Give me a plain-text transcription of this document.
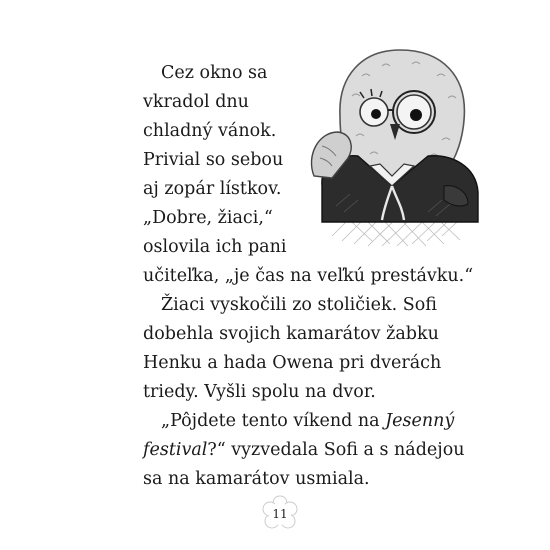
Cez okno sa
vkradol dnu
chladný vánok.
Privial so sebou
aj zopár lístkov.
„Dobre, žiaci,“
oslovila ich pani
učiteľka, „je čas na veľkú prestávku.“
Žiaci vyskočili zo stoličiek. Sofi
dobehla svojich kamarátov žabku
Henku a hada Owena pri dverách
triedy. Vyšli spolu na dvor.
„Pôjdete tento víkend na Jesenný
festival?“ vyzvedala Sofi a s nádejou
sa na kamarátov usmiala.
11
